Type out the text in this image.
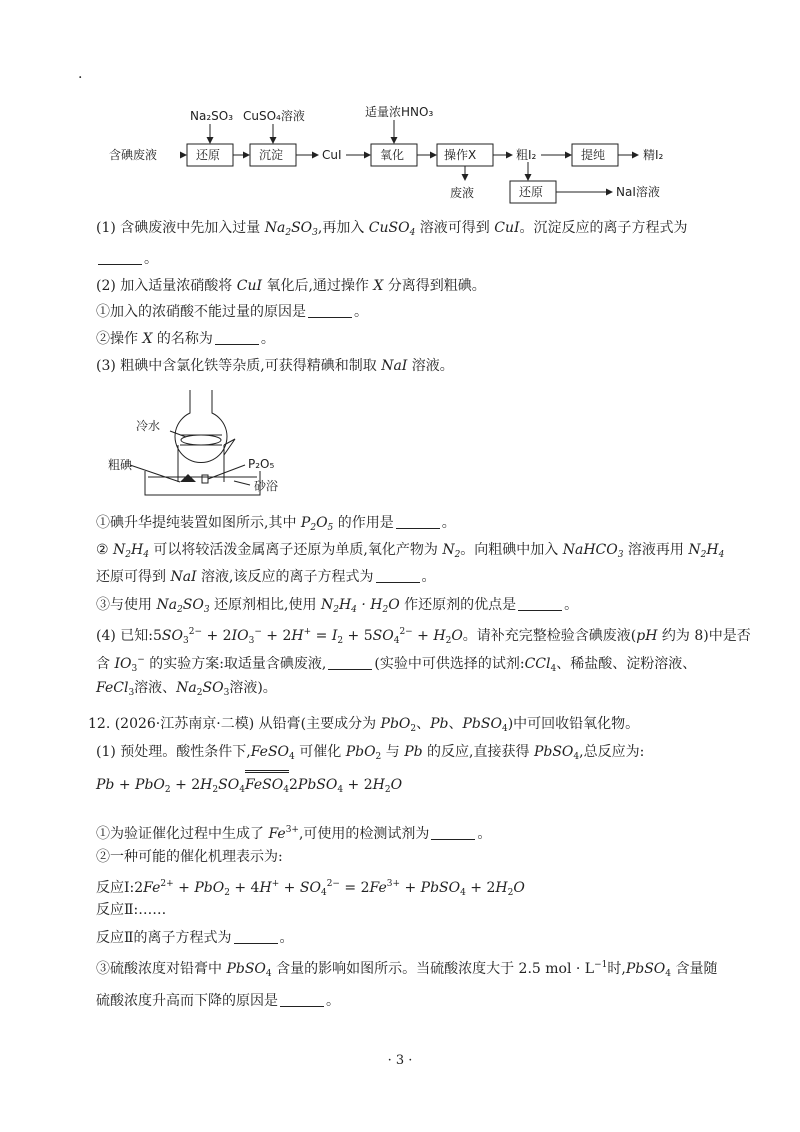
.
Na₂SO₃ CuSO₄溶液	适量浓HNO₃
含碘废液	还原	沉淀	CuI	氧化	操作X	粗I₂	提纯	精I₂
废液	还原	NaI溶液
(1) 含碘废液中先加入过量 $Na_2SO_3$,再加入 CuSO$_4$ 溶液可得到 CuI。沉淀反应的离子方程式为
。
(2) 加入适量浓硝酸将 CuI 氧化后,通过操作 X 分离得到粗碘。
①加入的浓硝酸不能过量的原因是	。
②操作 X 的名称为	。
(3) 粗碘中含氯化铁等杂质,可获得精碘和制取 NaI 溶液。
冷水
粗碘	P₂O₅
砂浴
①碘升华提纯装置如图所示,其中 $P_2O_5$ 的作用是	。
② $N_2H_4$ 可以将较活泼金属离子还原为单质,氧化产物为 $N_2$。向粗碘中加入 NaHCO$_3$ 溶液再用 $N_2H_4$
还原可得到 NaI 溶液,该反应的离子方程式为	。
③与使用 $Na_2SO_3$ 还原剂相比,使用 $N_2H_4 \cdot H_2O$ 作还原剂的优点是	。
(4) 已知$:5SO_3^{2-} + 2IO_3^- + 2H^+ = I_2 + 5SO_4^{2-} + H_2O$。请补充完整检验含碘废液(pH 约为 8)中是否
含 $IO_3^-$ 的实验方案:取适量含碘废液,	(实验中可供选择的试剂:CCl$_4$、稀盐酸、淀粉溶液、
FeCl$_3$溶液、$Na_2SO_3$溶液)。
12. (2026·江苏南京·二模) 从铅膏(主要成分为 PbO$_2$、Pb、PbSO$_4$)中可回收铅氧化物。
(1) 预处理。酸性条件下,FeSO$_4$ 可催化 PbO$_2$ 与 Pb 的反应,直接获得 PbSO$_4$,总反应为:
$Pb + PbO_2 + 2H_2SO_4FeSO_42PbSO_4 + 2H_2O$
①为验证催化过程中生成了 $Fe^{3+}$,可使用的检测试剂为	。
②一种可能的催化机理表示为:
反应$Ⅰ:2Fe^{2+} + PbO_2 + 4H^+ + SO_4^{2-} = 2Fe^{3+}$ + PbSO$_4$ + $2H_2O$
反应Ⅱ:……
反应Ⅱ的离子方程式为	。
③硫酸浓度对铅膏中 PbSO$_4$ 含量的影响如图所示。当硫酸浓度大于 2.5 mol · $L^{-1}$时,PbSO$_4$ 含量随
硫酸浓度升高而下降的原因是	。
· 3 ·
